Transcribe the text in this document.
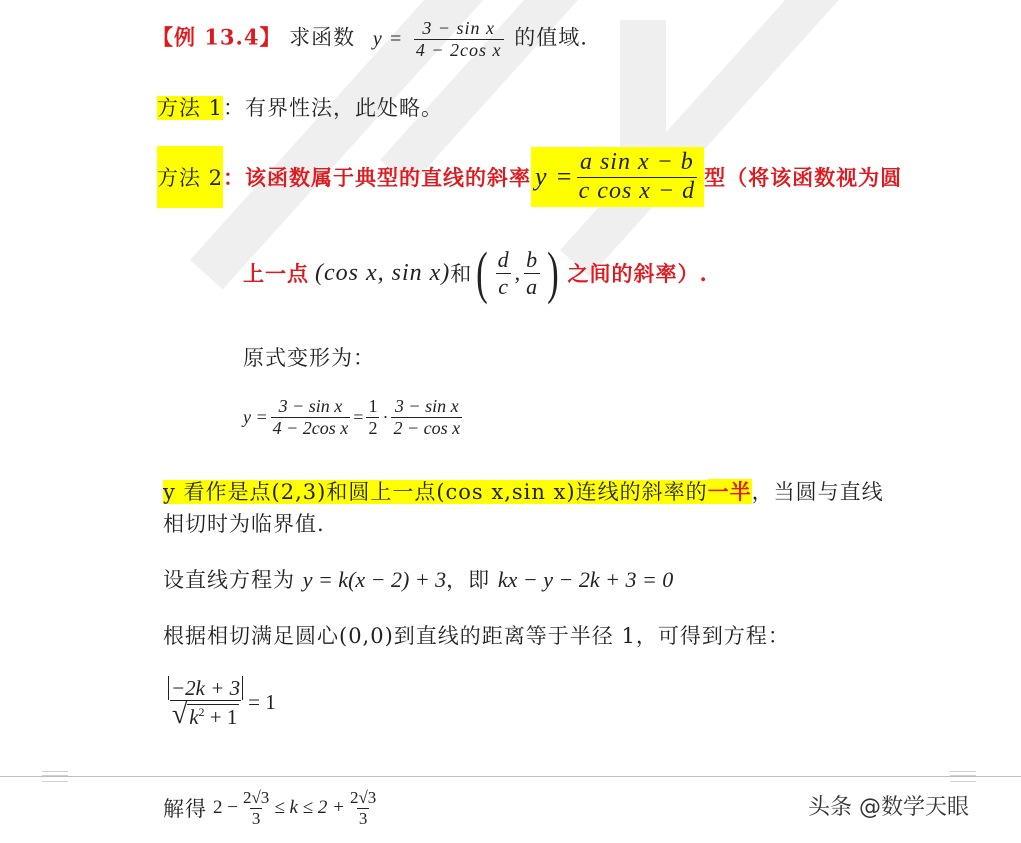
【例 13.4】 求函数 $y = \frac{\text{3 − sin x}}{\text{4 − 2cos x}}$ 的值域.
方法 1：有界性法，此处略。
方法 2 ： 该函数属于典型的直线的斜率 $y = \frac{\text{a sin x − b}}{\text{c cos x − d}}$ 型（将该函数视为圆
上一点 (cos x, sin x) 和 ( $\frac{d}{c}$ , $\frac{b}{a}$ ) 之间的斜率）.
原式变形为：
$y = \frac{\text{3 − sin x}}{\text{4 − 2cos x}} = \frac{1}{2} \cdot \frac{\text{3 − sin x}}{\text{2 − cos x}}$
y 看作是点(2,3)和圆上一点(cos x,sin x)连线的斜率的一半，当圆与直线
相切时为临界值.
设直线方程为 y = k(x − 2) + 3，即 kx − y − 2k + 3 = 0
根据相切满足圆心(0,0)到直线的距离等于半径 1，可得到方程：
$\frac{-2k + 3}{√ k^2 + 1} = 1$
解得 $2 - \frac{2√3}{3} \le k \le 2 + \frac{2√3}{3}$	头条 @数学天眼
